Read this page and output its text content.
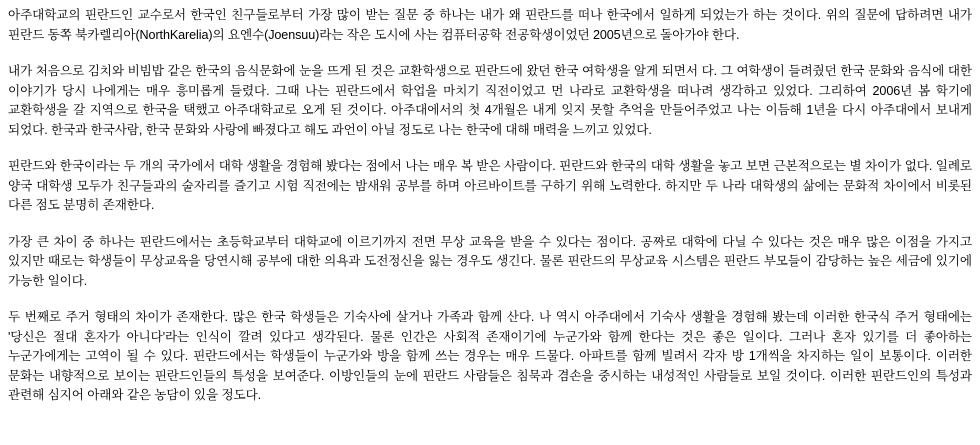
아주대학교의 핀란드인 교수로서 한국인 친구들로부터 가장 많이 받는 질문 중 하나는 내가 왜 핀란드를 떠나 한국에서 일하게 되었는가 하는 것이다. 위의 질문에 답하려면 내가 핀란드 동쪽 북카렐리아(NorthKarelia)의 요엔수(Joensuu)라는 작은 도시에 사는 컴퓨터공학 전공학생이었던 2005년으로 돌아가야 한다.

내가 처음으로 김치와 비빔밥 같은 한국의 음식문화에 눈을 뜨게 된 것은 교환학생으로 핀란드에 왔던 한국 여학생을 알게 되면서 다. 그 여학생이 들려줬던 한국 문화와 음식에 대한 이야기가 당시 나에게는 매우 흥미롭게 들렸다. 그때 나는 핀란드에서 학업을 마치기 직전이었고 먼 나라로 교환학생을 떠나려 생각하고 있었다. 그리하여 2006년 봄 학기에 교환학생을 갈 지역으로 한국을 택했고 아주대학교로 오게 된 것이다. 아주대에서의 첫 4개월은 내게 잊지 못할 추억을 만들어주었고 나는 이듬해 1년을 다시 아주대에서 보내게 되었다. 한국과 한국사람, 한국 문화와 사랑에 빠졌다고 해도 과언이 아닐 정도로 나는 한국에 대해 매력을 느끼고 있었다.

핀란드와 한국이라는 두 개의 국가에서 대학 생활을 경험해 봤다는 점에서 나는 매우 복 받은 사람이다. 핀란드와 한국의 대학 생활을 놓고 보면 근본적으로는 별 차이가 없다. 일례로 양국 대학생 모두가 친구들과의 술자리를 즐기고 시험 직전에는 밤새워 공부를 하며 아르바이트를 구하기 위해 노력한다. 하지만 두 나라 대학생의 삶에는 문화적 차이에서 비롯된 다른 점도 분명히 존재한다.

가장 큰 차이 중 하나는 핀란드에서는 초등학교부터 대학교에 이르기까지 전면 무상 교육을 받을 수 있다는 점이다. 공짜로 대학에 다닐 수 있다는 것은 매우 많은 이점을 가지고 있지만 때로는 학생들이 무상교육을 당연시해 공부에 대한 의욕과 도전정신을 잃는 경우도 생긴다. 물론 핀란드의 무상교육 시스템은 핀란드 부모들이 감당하는 높은 세금에 있기에 가능한 일이다.

두 번째로 주거 형태의 차이가 존재한다. 많은 한국 학생들은 기숙사에 살거나 가족과 함께 산다. 나 역시 아주대에서 기숙사 생활을 경험해 봤는데 이러한 한국식 주거 형태에는 '당신은 절대 혼자가 아니다'라는 인식이 깔려 있다고 생각된다. 물론 인간은 사회적 존재이기에 누군가와 함께 한다는 것은 좋은 일이다. 그러나 혼자 있기를 더 좋아하는 누군가에게는 고역이 될 수 있다. 핀란드에서는 학생들이 누군가와 방을 함께 쓰는 경우는 매우 드물다. 아파트를 함께 빌려서 각자 방 1개씩을 차지하는 일이 보통이다. 이러한 문화는 내향적으로 보이는 핀란드인들의 특성을 보여준다. 이방인들의 눈에 핀란드 사람들은 침묵과 겸손을 중시하는 내성적인 사람들로 보일 것이다. 이러한 핀란드인의 특성과 관련해 심지어 아래와 같은 농담이 있을 정도다.
